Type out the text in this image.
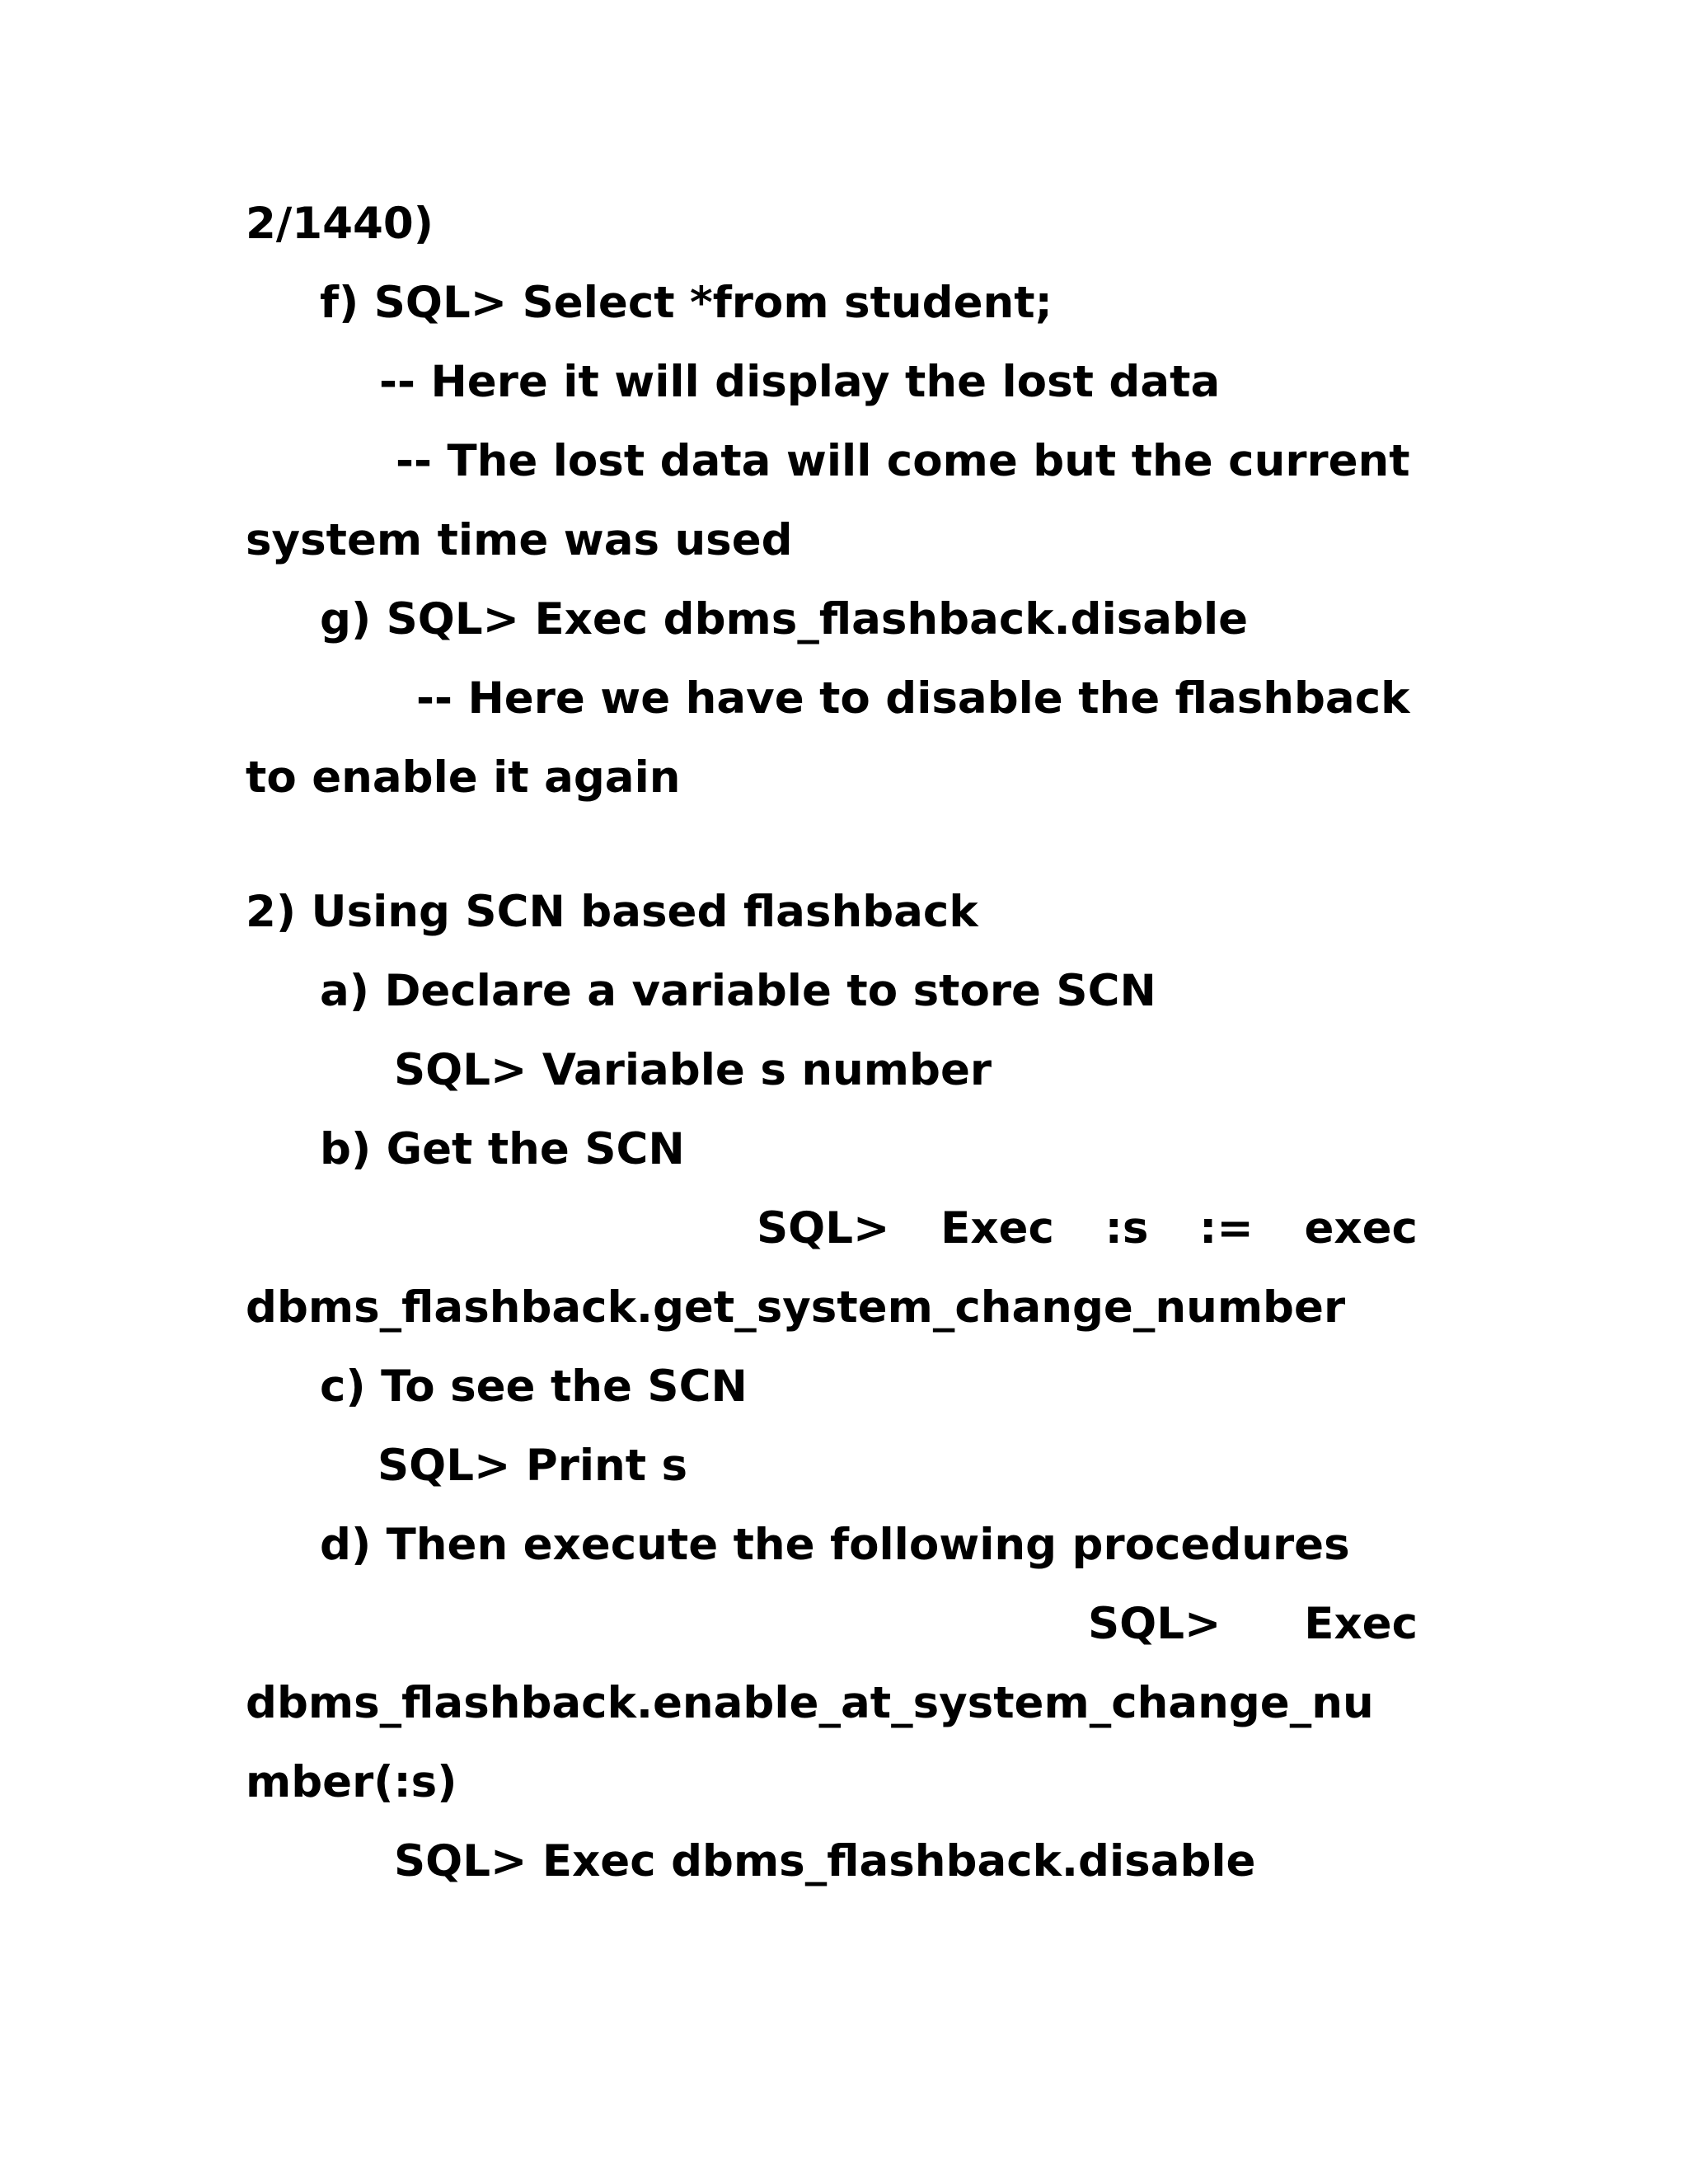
2/1440)
f) SQL> Select *from student;
-- Here it will display the lost data
-- The lost data will come but the current
system time was used
g) SQL> Exec dbms_flashback.disable
-- Here we have to disable the flashback
to enable it again
2) Using SCN based flashback
a) Declare a variable to store SCN
SQL> Variable s number
b) Get the SCN
SQL> Exec :s := exec
dbms_flashback.get_system_change_number
c) To see the SCN
SQL> Print s
d) Then execute the following procedures
SQL> Exec
dbms_flashback.enable_at_system_change_nu
mber(:s)
SQL> Exec dbms_flashback.disable
